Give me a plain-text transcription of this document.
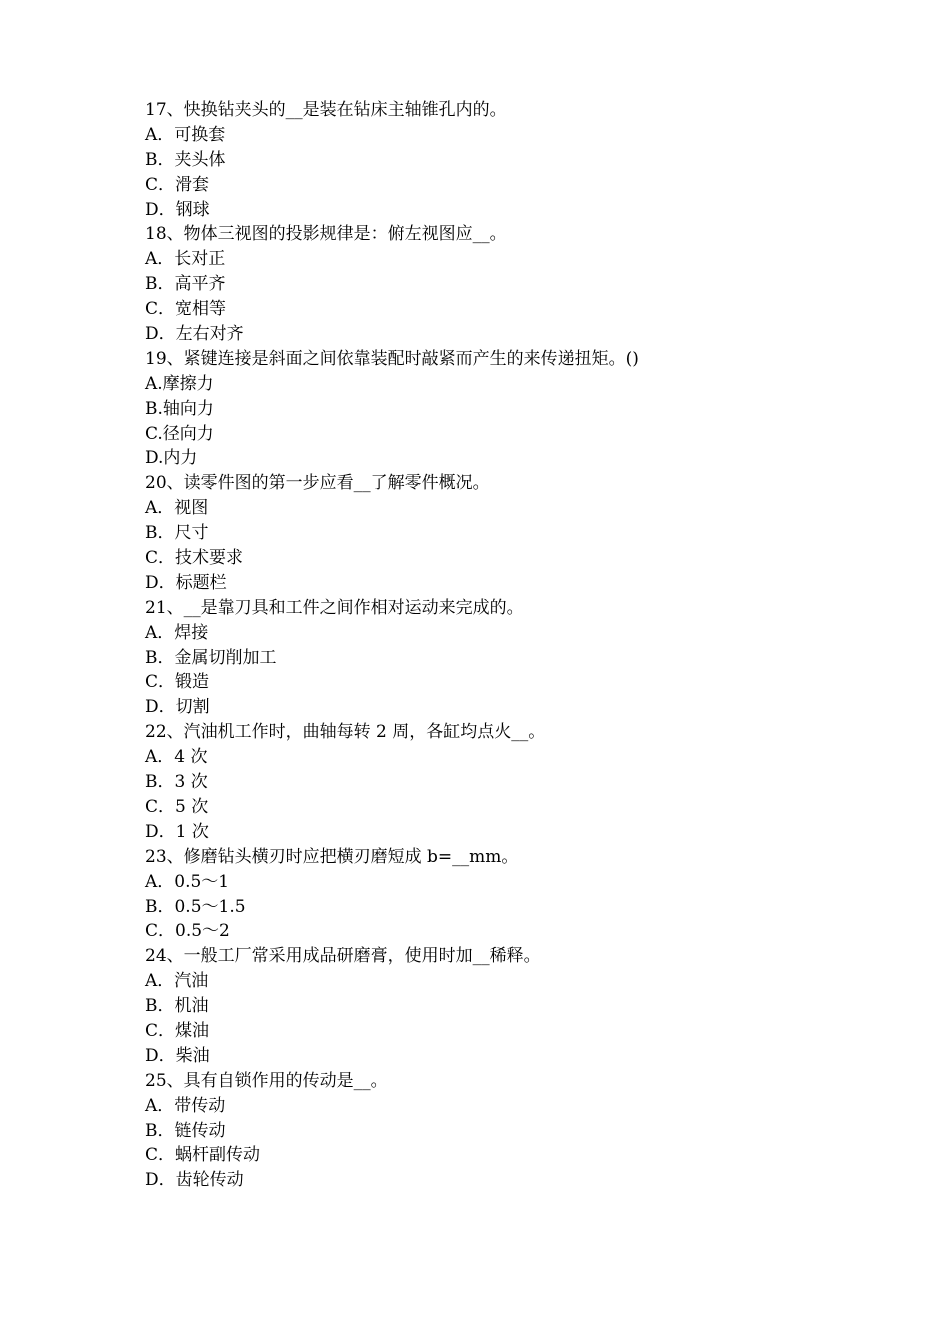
17、快换钻夹头的__是装在钻床主轴锥孔内的。
A．可换套
B．夹头体
C．滑套
D．钢球
18、物体三视图的投影规律是：俯左视图应__。
A．长对正
B．高平齐
C．宽相等
D．左右对齐
19、紧键连接是斜面之间依靠装配时敲紧而产生的来传递扭矩。()
A.摩擦力
B.轴向力
C.径向力
D.内力
20、读零件图的第一步应看__了解零件概况。
A．视图
B．尺寸
C．技术要求
D．标题栏
21、__是靠刀具和工件之间作相对运动来完成的。
A．焊接
B．金属切削加工
C．锻造
D．切割
22、汽油机工作时，曲轴每转 2 周，各缸均点火__。
A．4 次
B．3 次
C．5 次
D．1 次
23、修磨钻头横刃时应把横刃磨短成 b=__mm。
A．0.5～1
B．0.5～1.5
C．0.5～2
24、一般工厂常采用成品研磨膏，使用时加__稀释。
A．汽油
B．机油
C．煤油
D．柴油
25、具有自锁作用的传动是__。
A．带传动
B．链传动
C．蜗杆副传动
D．齿轮传动
